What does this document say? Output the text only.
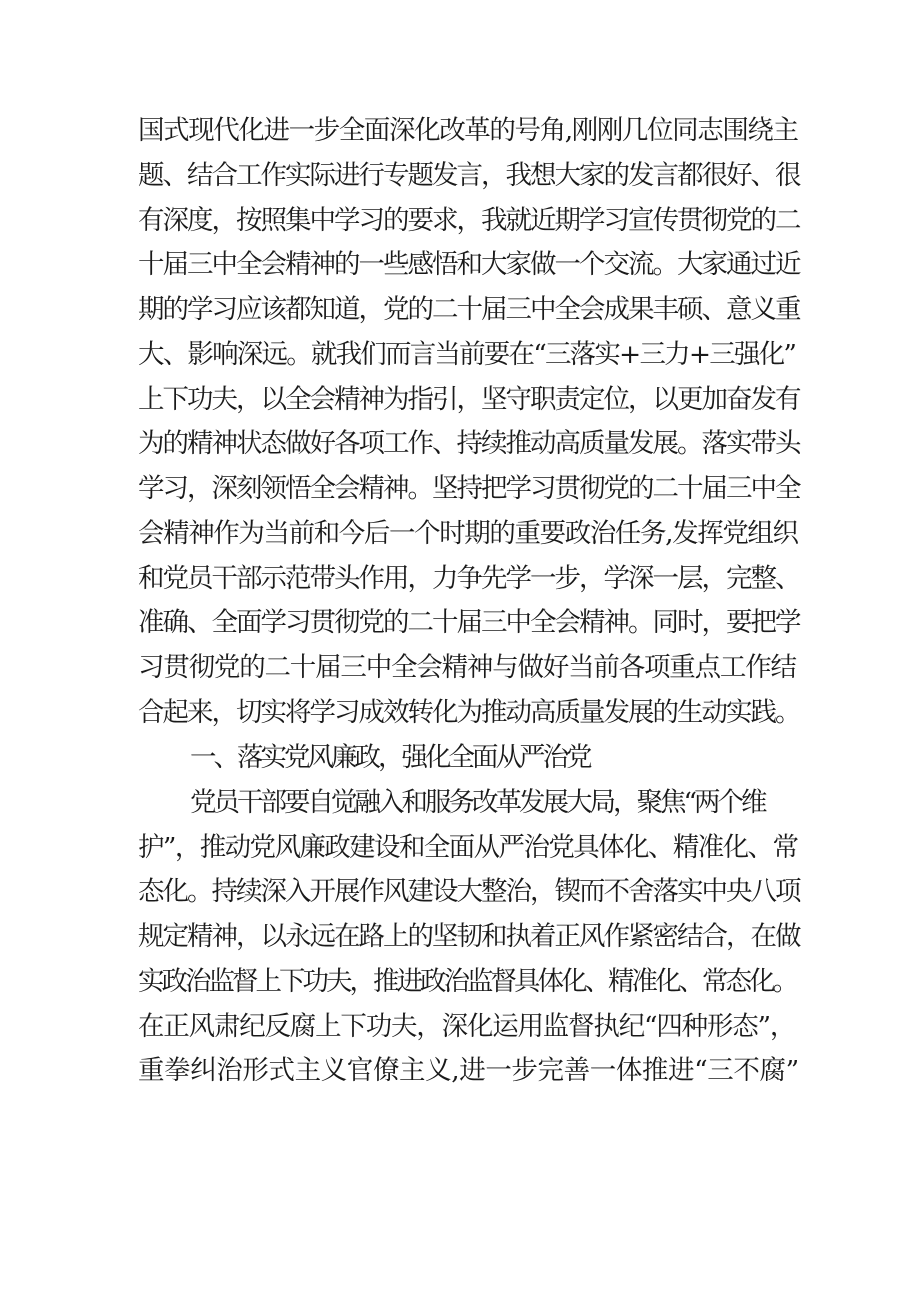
国式现代化进一步全面深化改革的号角,刚刚几位同志围绕主
题、结合工作实际进行专题发言，我想大家的发言都很好、很
有深度，按照集中学习的要求，我就近期学习宣传贯彻党的二
十届三中全会精神的一些感悟和大家做一个交流。大家通过近
期的学习应该都知道，党的二十届三中全会成果丰硕、意义重
大、影响深远。就我们而言当前要在“三落实+三力+三强化”
上下功夫，以全会精神为指引，坚守职责定位，以更加奋发有
为的精神状态做好各项工作、持续推动高质量发展。落实带头
学习，深刻领悟全会精神。坚持把学习贯彻党的二十届三中全
会精神作为当前和今后一个时期的重要政治任务,发挥党组织
和党员干部示范带头作用，力争先学一步，学深一层，完整、
准确、全面学习贯彻党的二十届三中全会精神。同时，要把学
习贯彻党的二十届三中全会精神与做好当前各项重点工作结
合起来，切实将学习成效转化为推动高质量发展的生动实践。
一、落实党风廉政，强化全面从严治党
党员干部要自觉融入和服务改革发展大局，聚焦“两个维
护”，推动党风廉政建设和全面从严治党具体化、精准化、常
态化。持续深入开展作风建设大整治，锲而不舍落实中央八项
规定精神，以永远在路上的坚韧和执着正风作紧密结合，在做
实政治监督上下功夫，推进政治监督具体化、精准化、常态化。
在正风肃纪反腐上下功夫，深化运用监督执纪“四种形态”，
重拳纠治形式主义官僚主义,进一步完善一体推进“三不腐”
